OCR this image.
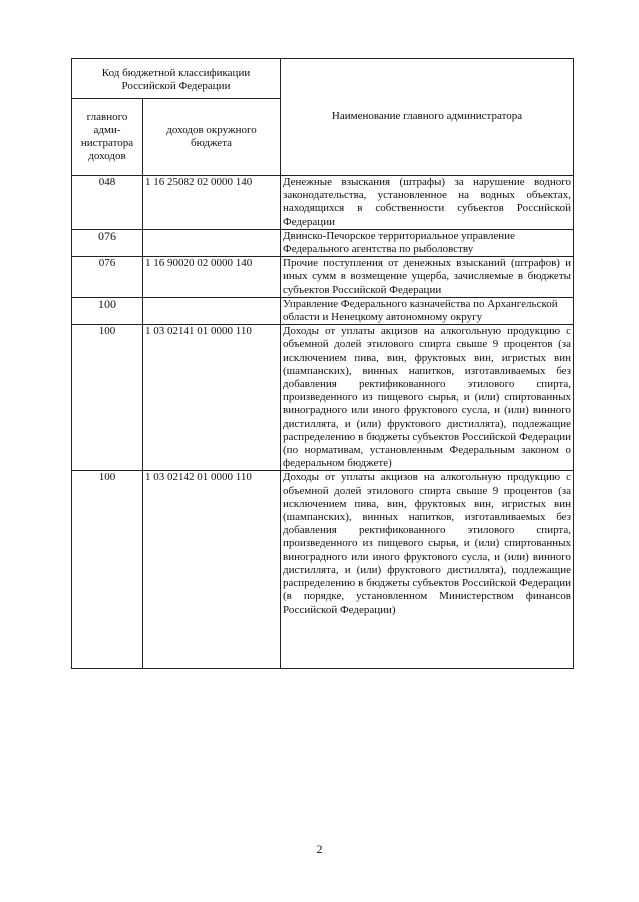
Код бюджетной классификации Российской Федерации		Наименование главного администратора
главного адми-нистратора доходов	доходов окружного бюджета	
048	1 16 25082 02 0000 140	Денежные взыскания (штрафы) за нарушение водного законодательства, установленное на водных объектах, находящихся в собственности субъектов Российской Федерации
076		Двинско-Печорское территориальное управление Федерального агентства по рыболовству
076	1 16 90020 02 0000 140	Прочие поступления от денежных взысканий (штрафов) и иных сумм в возмещение ущерба, зачисляемые в бюджеты субъектов Российской Федерации
100		Управление Федерального казначейства по Архангельской области и Ненецкому автономному округу
100	1 03 02141 01 0000 110	Доходы от уплаты акцизов на алкогольную продукцию с объемной долей этилового спирта свыше 9 процентов (за исключением пива, вин, фруктовых вин, игристых вин (шампанских), винных напитков, изготавливаемых без добавления ректификованного этилового спирта, произведенного из пищевого сырья, и (или) спиртованных виноградного или иного фруктового сусла, и (или) винного дистиллята, и (или) фруктового дистиллята), подлежащие распределению в бюджеты субъектов Российской Федерации (по нормативам, установленным Федеральным законом о федеральном бюджете)
100	1 03 02142 01 0000 110	Доходы от уплаты акцизов на алкогольную продукцию с объемной долей этилового спирта свыше 9 процентов (за исключением пива, вин, фруктовых вин, игристых вин (шампанских), винных напитков, изготавливаемых без добавления ректификованного этилового спирта, произведенного из пищевого сырья, и (или) спиртованных виноградного или иного фруктового сусла, и (или) винного дистиллята, и (или) фруктового дистиллята), подлежащие распределению в бюджеты субъектов Российской Федерации (в порядке, установленном Министерством финансов Российской Федерации)
2
